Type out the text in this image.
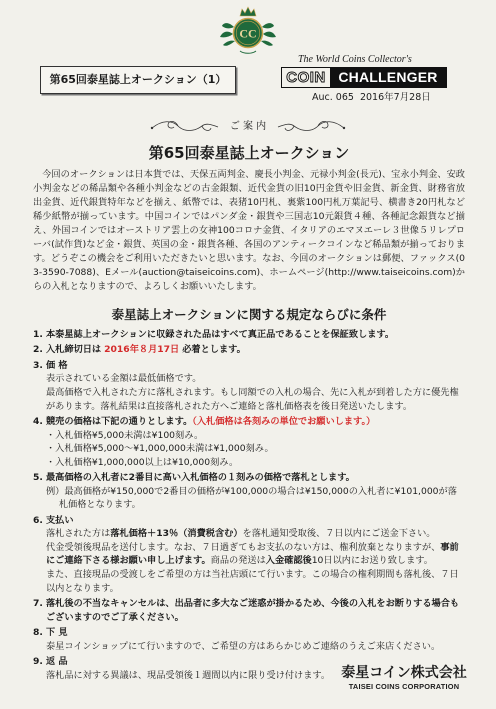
CC
第65回泰星誌上オークション（1）
The World Coins Collector's
COIN CHALLENGER
Auc. 065  2016年7月28日
ご 案 内
第65回泰星誌上オークション

今回のオークションは日本貨では、天保五両判金、慶長小判金、元禄小判金(長元)、宝永小判金、安政小判金などの稀品類や各種小判金などの古金銀類、近代金貨の旧10円金貨や旧金貨、新金貨、財務省放出金貨、近代銀貨特年などを揃え、紙幣では、表猪10円札、裏紫100円札万葉記号、横書き20円札など稀少紙幣が揃っています。中国コインではパンダ金・銀貨や三国志10元銀貨４種、各種記念銀貨など揃え、外国コインではオーストリア雲上の女神100コロナ金貨、イタリアのエマヌエーレ３世像５リレプローバ(試作貨)など金・銀貨、英国の金・銀貨各種、各国のアンティークコインなど稀品類が揃っております。どうぞこの機会をご利用いただきたいと思います。なお、今回のオークションは郵便、ファックス(03-3590-7088)、Eメール(auction@taiseicoins.com)、ホームページ(http://www.taiseicoins.com)からの入札となりますので、よろしくお願いいたします。

泰星誌上オークションに関する規定ならびに条件
1. 本泰星誌上オークションに収録された品はすべて真正品であることを保証致します。
2. 入札締切日は 2016年８月17日 必着とします。
3. 価 格
表示されている金額は最低価格です。
最高価格で入札された方に落札されます。もし同額での入札の場合、先に入札が到着した方に優先権があります。落札結果は直接落札された方へご連絡と落札価格表を後日発送いたします。
4. 競売の価格は下記の通りとします。（入札価格は各刻みの単位でお願いします。）
・入札価格¥5,000未満は¥100刻み。
・入札価格¥5,000～¥1,000,000未満は¥1,000刻み。
・入札価格¥1,000,000以上は¥10,000刻み。
5. 最高価格の入札者に2番目に高い入札価格の１刻みの価格で落札とします。
例）最高価格が¥150,000で2番目の価格が¥100,000の場合は¥150,000の入札者に¥101,000が落札価格となります。
6. 支払い
落札された方は落札価格＋13％（消費税含む）を落札通知受取後、７日以内にご送金下さい。
代金受領後現品を送付します。なお、７日過ぎてもお支払のない方は、権利放棄となりますが、事前にご連絡下さる様お願い申し上げます。商品の発送は入金確認後10日以内にお送り致します。
また、直接現品の受渡しをご希望の方は当社店頭にて行います。この場合の権利期間も落札後、７日以内となります。
7. 落札後の不当なキャンセルは、出品者に多大なご迷惑が掛かるため、今後の入札をお断りする場合もございますのでご了承ください。
8. 下 見
泰星コインショップにて行いますので、ご希望の方はあらかじめご連絡のうえご来店ください。
9. 返 品
落札品に対する異議は、現品受領後１週間以内に限り受け付けます。 泰星コイン株式会社
TAISEI COINS CORPORATION
